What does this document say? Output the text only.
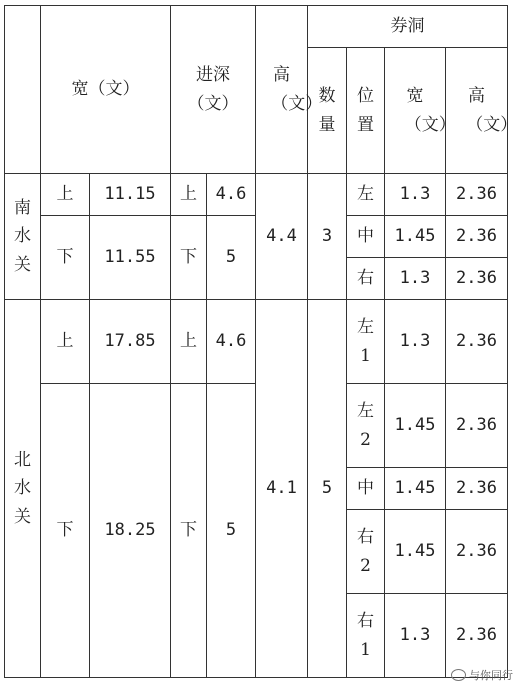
	宽（文）		进深（文）		高（文）	券洞			
						数量	位置	宽（文）	高（文）
南水关	上	11.15	上	4.6	4.4	3	左	1.3	2.36
	下	11.55	下	5			中	1.45	2.36
							右	1.3	2.36
北水关	上	17.85	上	4.6	4.1	5	左1	1.3	2.36
	下	18.25	下	5			左2	1.45	2.36
							中	1.45	2.36
							右2	1.45	2.36
							右1	1.3	2.36
与你同行
